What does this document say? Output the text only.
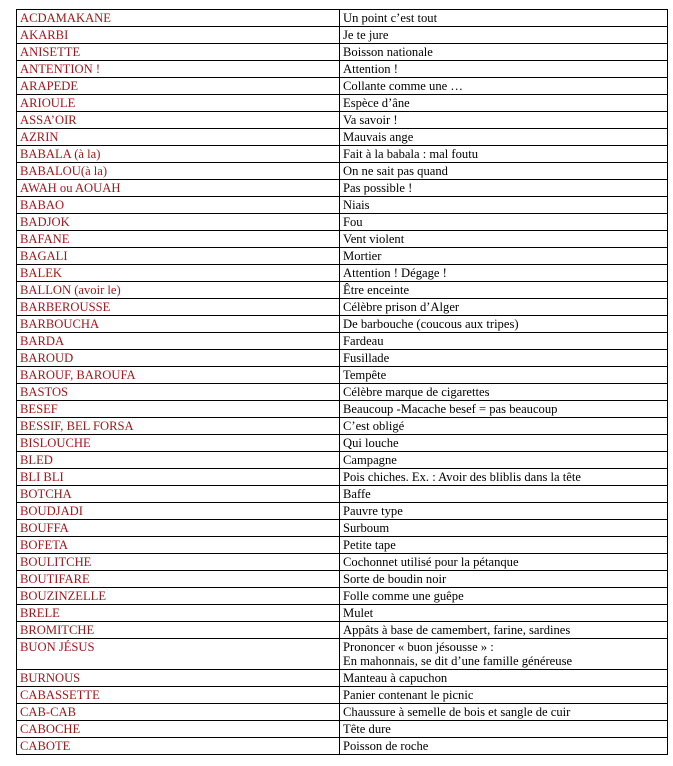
ACDAMAKANE	Un point c’est tout

AKARBI	Je te jure

ANISETTE	Boisson nationale

ANTENTION !	Attention !

ARAPEDE	Collante comme une …

ARIOULE	Espèce d’âne

ASSA’OIR	Va savoir !

AZRIN	Mauvais ange

BABALA (à la)	Fait à la babala : mal foutu

BABALOU(à la)	On ne sait pas quand

AWAH ou AOUAH	Pas possible !

BABAO	Niais

BADJOK	Fou

BAFANE	Vent violent

BAGALI	Mortier

BALEK	Attention ! Dégage !

BALLON (avoir le)	Être enceinte

BARBEROUSSE	Célèbre prison d’Alger

BARBOUCHA	De barbouche (coucous aux tripes)

BARDA	Fardeau

BAROUD	Fusillade

BAROUF, BAROUFA	Tempête

BASTOS	Célèbre marque de cigarettes

BESEF	Beaucoup -Macache besef = pas beaucoup

BESSIF, BEL FORSA	C’est obligé

BISLOUCHE	Qui louche

BLED	Campagne

BLI BLI	Pois chiches. Ex. : Avoir des bliblis dans la tête

BOTCHA	Baffe

BOUDJADI	Pauvre type

BOUFFA	Surboum

BOFETA	Petite tape

BOULITCHE	Cochonnet utilisé pour la pétanque

BOUTIFARE	Sorte de boudin noir

BOUZINZELLE	Folle comme une guêpe

BRELE	Mulet

BROMITCHE	Appâts à base de camembert, farine, sardines

BUON JÉSUS	Prononcer « buon jésousse » :
En mahonnais, se dit d’une famille généreuse

BURNOUS	Manteau à capuchon

CABASSETTE	Panier contenant le picnic

CAB-CAB	Chaussure à semelle de bois et sangle de cuir

CABOCHE	Tête dure

CABOTE	Poisson de roche
